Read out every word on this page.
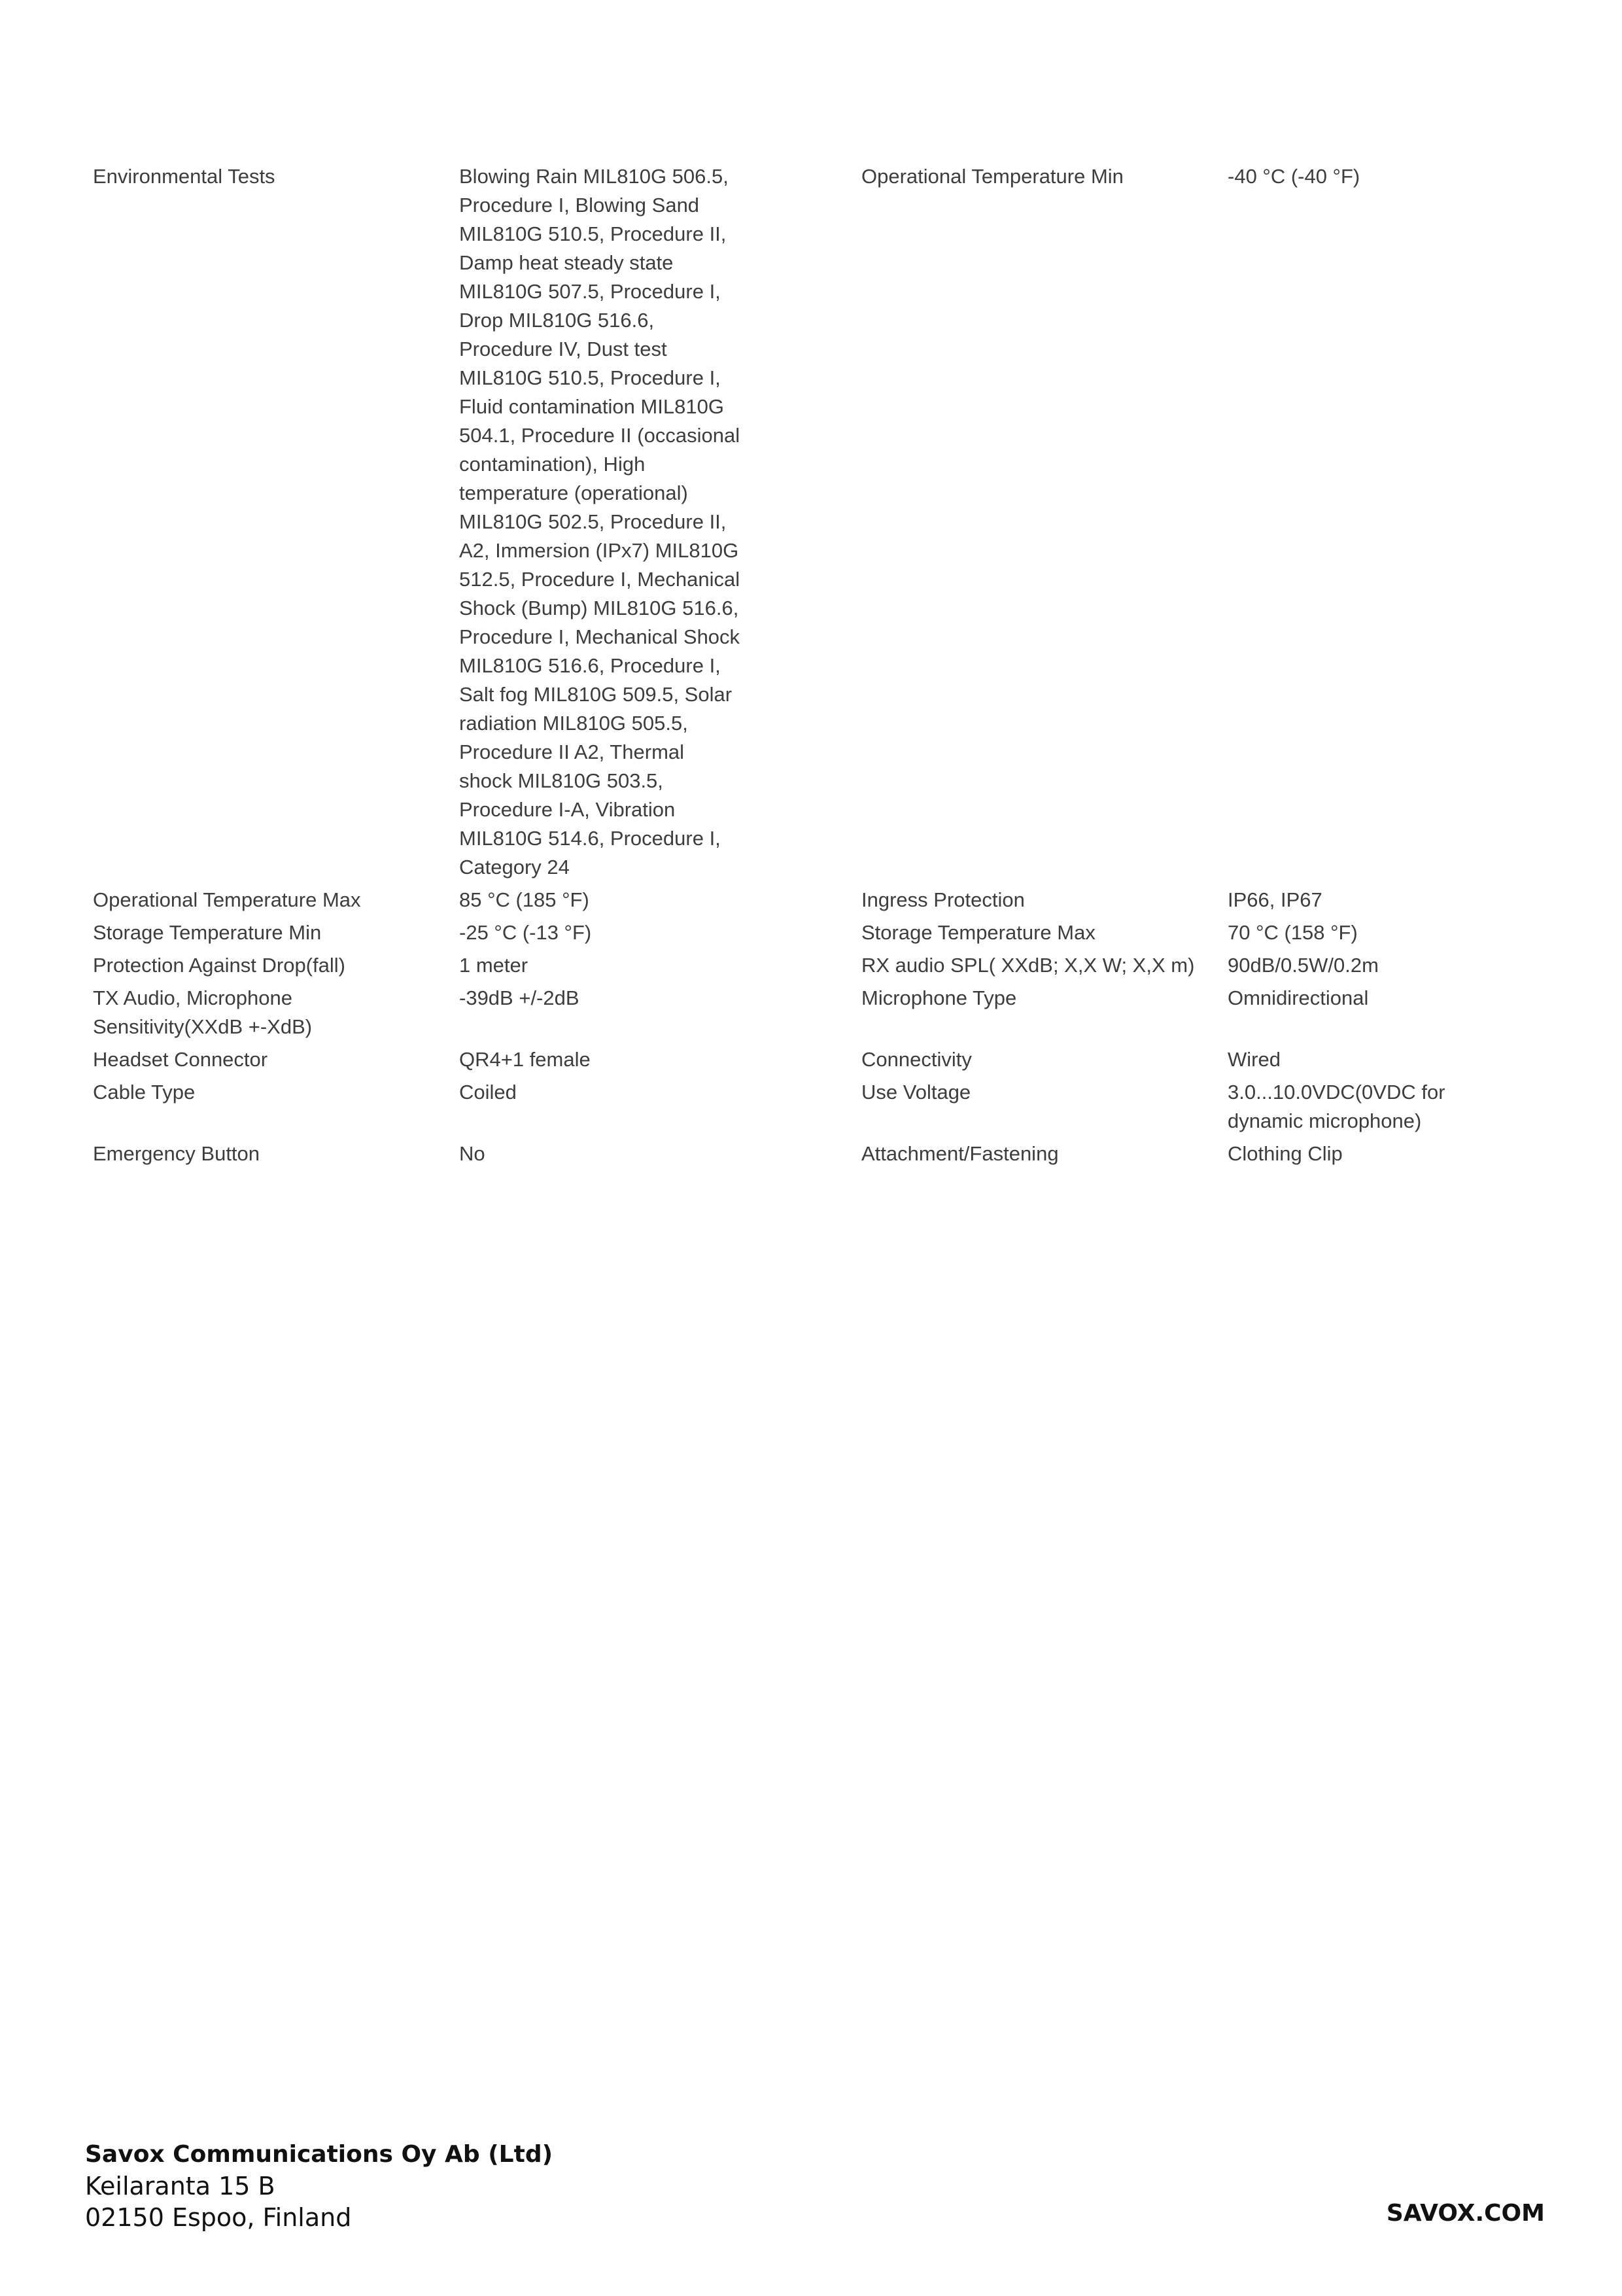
Environmental Tests	Blowing Rain MIL810G 506.5, Procedure I, Blowing Sand MIL810G 510.5, Procedure II, Damp heat steady state MIL810G 507.5, Procedure I, Drop MIL810G 516.6, Procedure IV, Dust test MIL810G 510.5, Procedure I, Fluid contamination MIL810G 504.1, Procedure II (occasional contamination), High temperature (operational) MIL810G 502.5, Procedure II, A2, Immersion (IPx7) MIL810G 512.5, Procedure I, Mechanical Shock (Bump) MIL810G 516.6, Procedure I, Mechanical Shock MIL810G 516.6, Procedure I, Salt fog MIL810G 509.5, Solar radiation MIL810G 505.5, Procedure II A2, Thermal shock MIL810G 503.5, Procedure I-A, Vibration MIL810G 514.6, Procedure I, Category 24	Operational Temperature Min	-40 °C (-40 °F)

Operational Temperature Max	85 °C (185 °F)	Ingress Protection	IP66, IP67

Storage Temperature Min	-25 °C (-13 °F)	Storage Temperature Max	70 °C (158 °F)

Protection Against Drop(fall)	1 meter	RX audio SPL( XXdB; X,X W; X,X m)	90dB/0.5W/0.2m

TX Audio, Microphone Sensitivity(XXdB +-XdB)	-39dB +/-2dB	Microphone Type	Omnidirectional

Headset Connector	QR4+1 female	Connectivity	Wired

Cable Type	Coiled	Use Voltage	3.0...10.0VDC(0VDC for dynamic microphone)

Emergency Button	No	Attachment/Fastening	Clothing Clip
Savox Communications Oy Ab (Ltd)
Keilaranta 15 B
02150 Espoo, Finland	SAVOX.COM
